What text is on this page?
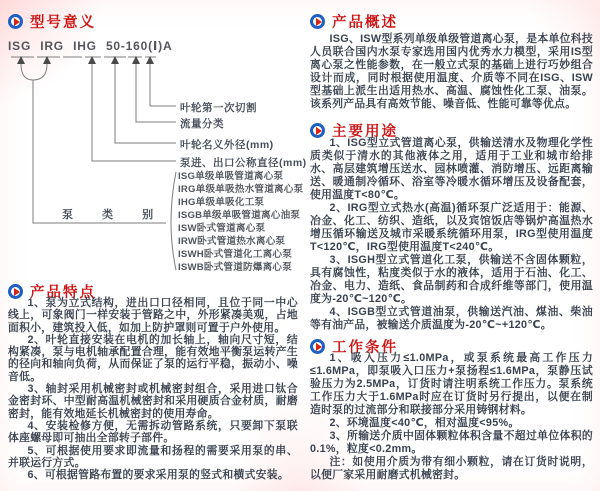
型号意义
ISG IRG IHG 50-160(Ⅰ)A
叶轮第一次切割
流量分类
叶轮名义外径(mm)
泵进、出口公称直径(mm)
泵 类 别
ISG单级单吸管道离心泵
IRG单级单吸热水管道离心泵
IHG单级单吸化工泵
ISGB单级单吸管道离心油泵
ISW卧式管道离心泵
IRW卧式管道热水离心泵
ISWH卧式管道化工离心泵
ISWB卧式管道防爆离心泵
产品特点

1、泵为立式结构，进出口口径相同，且位于同一中心线上，可象阀门一样安装于管路之中，外形紧凑美观，占地面积小，建筑投入低，如加上防护罩则可置于户外使用。

2、叶轮直接安装在电机的加长轴上，轴向尺寸短，结构紧凑，泵与电机轴承配置合理，能有效地平衡泵运转产生的径向和轴向负荷，从而保证了泵的运行平稳，振动小、噪音低。

3、轴封采用机械密封或机械密封组合，采用进口钛合金密封环、中型耐高温机械密封和采用硬质合金材质，耐磨密封，能有效地延长机械密封的使用寿命。

4、安装检修方便，无需拆动管路系统，只要卸下泵联体座螺母即可抽出全部转子部件。

5、可根据使用要求即流量和扬程的需要采用泵的串、并联运行方式。

6、可根据管路布置的要求采用泵的竖式和横式安装。

产品概述

ISG、ISW型系列单级单级管道离心泵，是本单位科技人员联合国内水泵专家选用国内优秀水力模型，采用IS型离心泵之性能参数，在一般立式泵的基础上进行巧妙组合设计而成，同时根据使用温度、介质等不同在ISG、ISW型基础上派生出适用热水、高温、腐蚀性化工泵、油泵。该系列产品具有高效节能、噪音低、性能可靠等优点。

主要用途

1、ISG型立式管道离心泵，供输送清水及物理化学性质类似于清水的其他液体之用，适用于工业和城市给排水、高层建筑增压送水、园林喷灌、消防增压、远距离输送、暖通制冷循环、浴室等冷暖水循环增压及设备配套，使用温度T<80℃。

2、IRG型立式热水(高温)循环泵广泛适用于：能源、冶金、化工、纺织、造纸，以及宾馆饭店等锅炉高温热水增压循环输送及城市采暖系统循环用泵，IRG型使用温度T<120℃，IRG型使用温度T<240℃。

3、ISGH型立式管道化工泵，供输送不含固体颗粒，具有腐蚀性，粘度类似于水的液体，适用于石油、化工、冶金、电力、造纸、食品制药和合成纤维等部门，使用温度为-20℃~120℃。

4、ISGB型立式管道油泵，供输送汽油、煤油、柴油等有油产品，被输送介质温度为-20℃~+120℃。

工作条件

1、吸入压力≤1.0MPa，或泵系统最高工作压力≤1.6MPa，即泵吸入口压力+泵扬程≤1.6MPa，泵静压试验压力为2.5MPa，订货时请注明系统工作压力。泵系统工作压力大于1.6MPa时应在订货时另行提出，以便在制造时泵的过流部分和联接部分采用铸钢材料。

2、环境温度<40℃，相对温度<95%。

3、所输送介质中固体颗粒体积含量不超过单位体积的0.1%，粒度<0.2mm。

注：如使用介质为带有细小颗粒，请在订货时说明，以便厂家采用耐磨式机械密封。
